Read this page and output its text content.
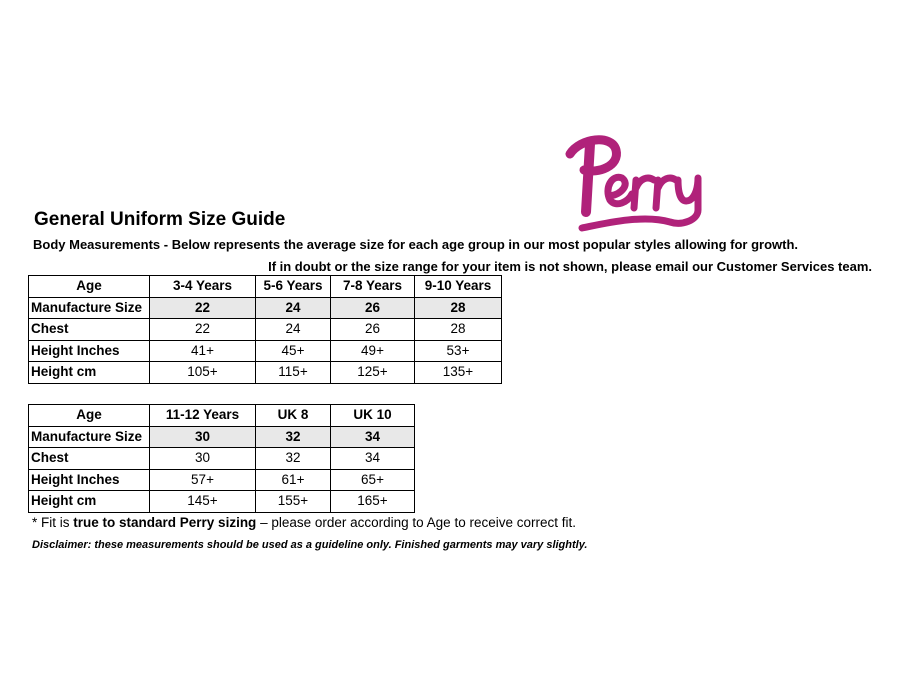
General Uniform Size Guide
Body Measurements - Below represents the average size for each age group in our most popular styles allowing for growth.
If in doubt or the size range for your item is not shown, please email our Customer Services team.
Age	3-4 Years	5-6 Years	7-8 Years	9-10 Years
Manufacture Size	22	24	26	28
Chest	22	24	26	28
Height Inches	41+	45+	49+	53+
Height cm	105+	115+	125+	135+
Age	11-12 Years	UK 8	UK 10
Manufacture Size	30	32	34
Chest	30	32	34
Height Inches	57+	61+	65+
Height cm	145+	155+	165+
* Fit is true to standard Perry sizing – please order according to Age to receive correct fit.
Disclaimer: these measurements should be used as a guideline only. Finished garments may vary slightly.
